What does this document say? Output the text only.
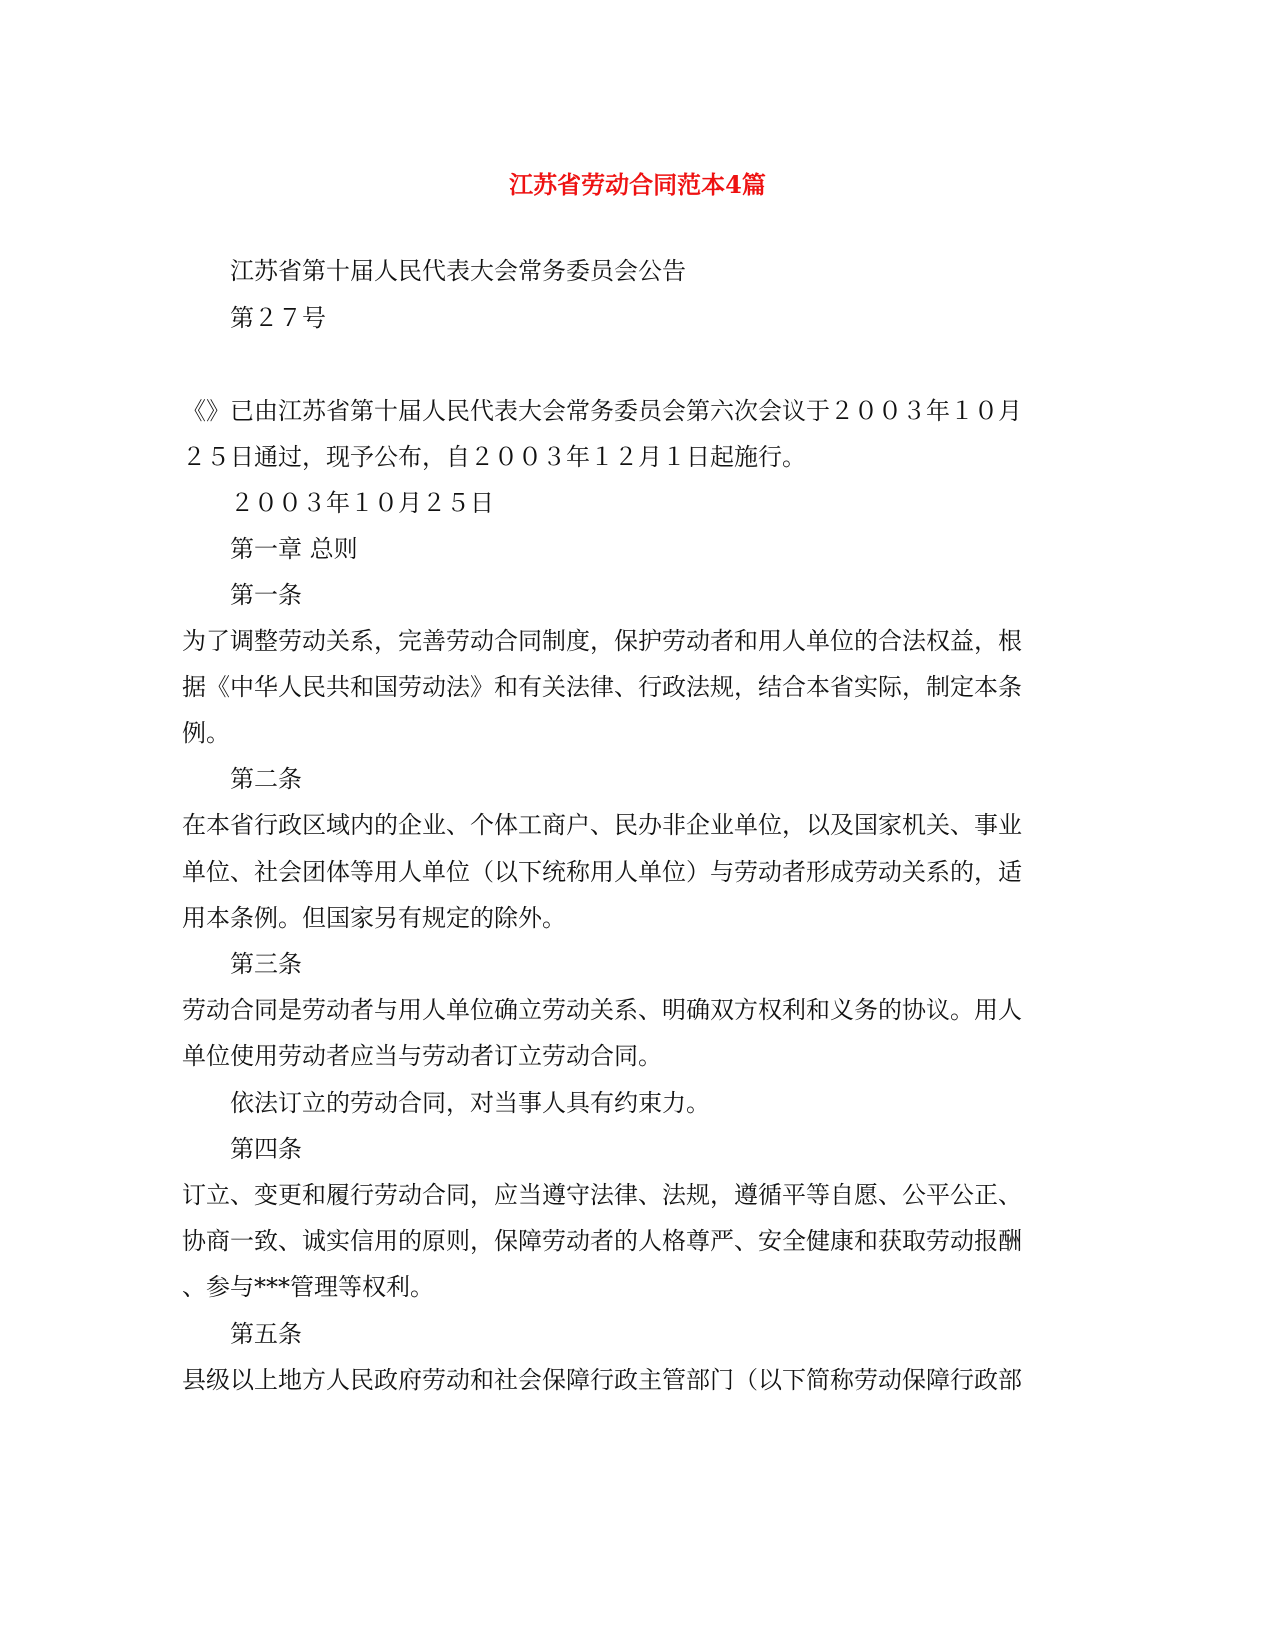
江苏省劳动合同范本4篇
江苏省第十届人民代表大会常务委员会公告
第２７号
《》已由江苏省第十届人民代表大会常务委员会第六次会议于２００３年１０月
２５日通过，现予公布，自２００３年１２月１日起施行。
２００３年１０月２５日
第一章 总则
第一条
为了调整劳动关系，完善劳动合同制度，保护劳动者和用人单位的合法权益，根
据《中华人民共和国劳动法》和有关法律、行政法规，结合本省实际，制定本条
例。
第二条
在本省行政区域内的企业、个体工商户、民办非企业单位，以及国家机关、事业
单位、社会团体等用人单位（以下统称用人单位）与劳动者形成劳动关系的，适
用本条例。但国家另有规定的除外。
第三条
劳动合同是劳动者与用人单位确立劳动关系、明确双方权利和义务的协议。用人
单位使用劳动者应当与劳动者订立劳动合同。
依法订立的劳动合同，对当事人具有约束力。
第四条
订立、变更和履行劳动合同，应当遵守法律、法规，遵循平等自愿、公平公正、
协商一致、诚实信用的原则，保障劳动者的人格尊严、安全健康和获取劳动报酬
、参与***管理等权利。
第五条
县级以上地方人民政府劳动和社会保障行政主管部门（以下简称劳动保障行政部
